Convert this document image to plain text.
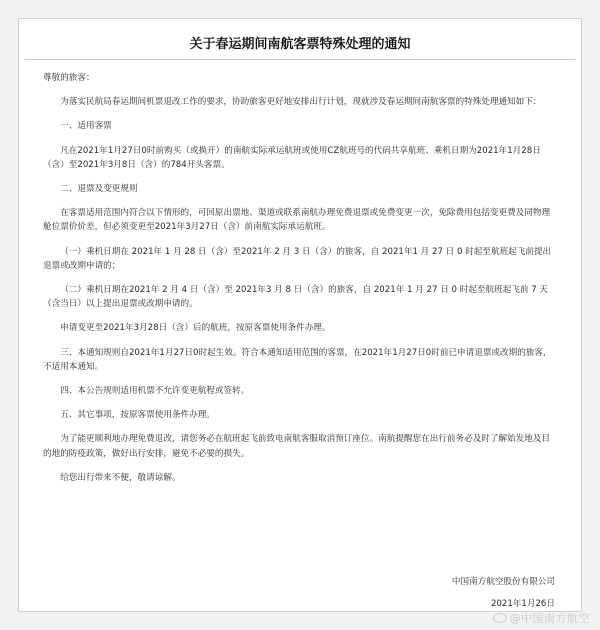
关于春运期间南航客票特殊处理的通知

尊敬的旅客：

为落实民航局春运期间机票退改工作的要求，协助旅客更好地安排出行计划，现就涉及春运期间南航客票的特殊处理通知如下：

一、适用客票

凡在2021年1月27日0时前购买（或换开）的南航实际承运航班或使用CZ航班号的代码共享航班、乘机日期为2021年1月28日（含）至2021年3月8日（含）的784开头客票。

二、退票及变更规则

在客票适用范围内符合以下情形的，可回原出票地、渠道或联系南航办理免费退票或免费变更一次，免除费用包括变更费及同物理舱位票价价差，但必须变更至2021年3月27日（含）前南航实际承运航班。

（一）乘机日期在 2021年 1 月 28 日（含）至2021年 2 月 3 日（含）的旅客，自 2021年1 月 27 日 0 时起至航班起飞前提出退票或改期申请的；

（二）乘机日期在2021年 2 月 4 日（含）至 2021年3 月 8 日（含）的旅客，自 2021年 1 月 27 日 0 时起至航班起飞前 7 天（含当日）以上提出退票或改期申请的。

申请变更至2021年3月28日（含）后的航班，按原客票使用条件办理。

三、本通知规则自2021年1月27日0时起生效。符合本通知适用范围的客票，在2021年1月27日0时前已申请退票或改期的旅客，不适用本通知。

四、本公告规则适用机票不允许变更航程或签转。

五、其它事项，按原客票使用条件办理。

为了能更顺利地办理免费退改，请您务必在航班起飞前致电南航客服取消预订座位。南航提醒您在出行前务必及时了解始发地及目的地的防疫政策，做好出行安排，避免不必要的损失。

给您出行带来不便，敬请谅解。

中国南方航空股份有限公司
2021年1月26日
@中国南方航空
